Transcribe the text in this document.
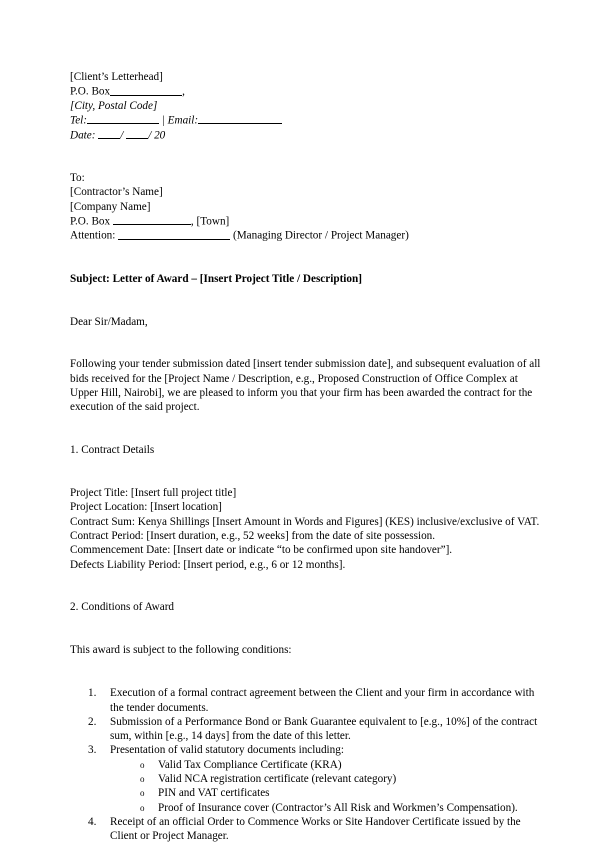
[Client’s Letterhead]
P.O. Box	,
[City, Postal Code]
Tel:	| Email:
Date: / / 20
To:
[Contractor’s Name]
[Company Name]
P.O. Box	, [Town]
Attention:	(Managing Director / Project Manager)
Subject: Letter of Award – [Insert Project Title / Description]
Dear Sir/Madam,

Following your tender submission dated [insert tender submission date], and subsequent evaluation of all bids received for the [Project Name / Description, e.g., Proposed Construction of Office Complex at Upper Hill, Nairobi], we are pleased to inform you that your firm has been awarded the contract for the execution of the said project.

1. Contract Details

Project Title: [Insert full project title]

Project Location: [Insert location]

Contract Sum: Kenya Shillings [Insert Amount in Words and Figures] (KES) inclusive/exclusive of VAT.

Contract Period: [Insert duration, e.g., 52 weeks] from the date of site possession.

Commencement Date: [Insert date or indicate “to be confirmed upon site handover”].

Defects Liability Period: [Insert period, e.g., 6 or 12 months].

2. Conditions of Award
This award is subject to the following conditions:
Execution of a formal contract agreement between the Client and your firm in accordance with the tender documents.
Submission of a Performance Bond or Bank Guarantee equivalent to [e.g., 10%] of the contract sum, within [e.g., 14 days] from the date of this letter.
Presentation of valid statutory documents including:
o Valid Tax Compliance Certificate (KRA)
o Valid NCA registration certificate (relevant category)
o PIN and VAT certificates
o Proof of Insurance cover (Contractor’s All Risk and Workmen’s Compensation).
Receipt of an official Order to Commence Works or Site Handover Certificate issued by the Client or Project Manager.
